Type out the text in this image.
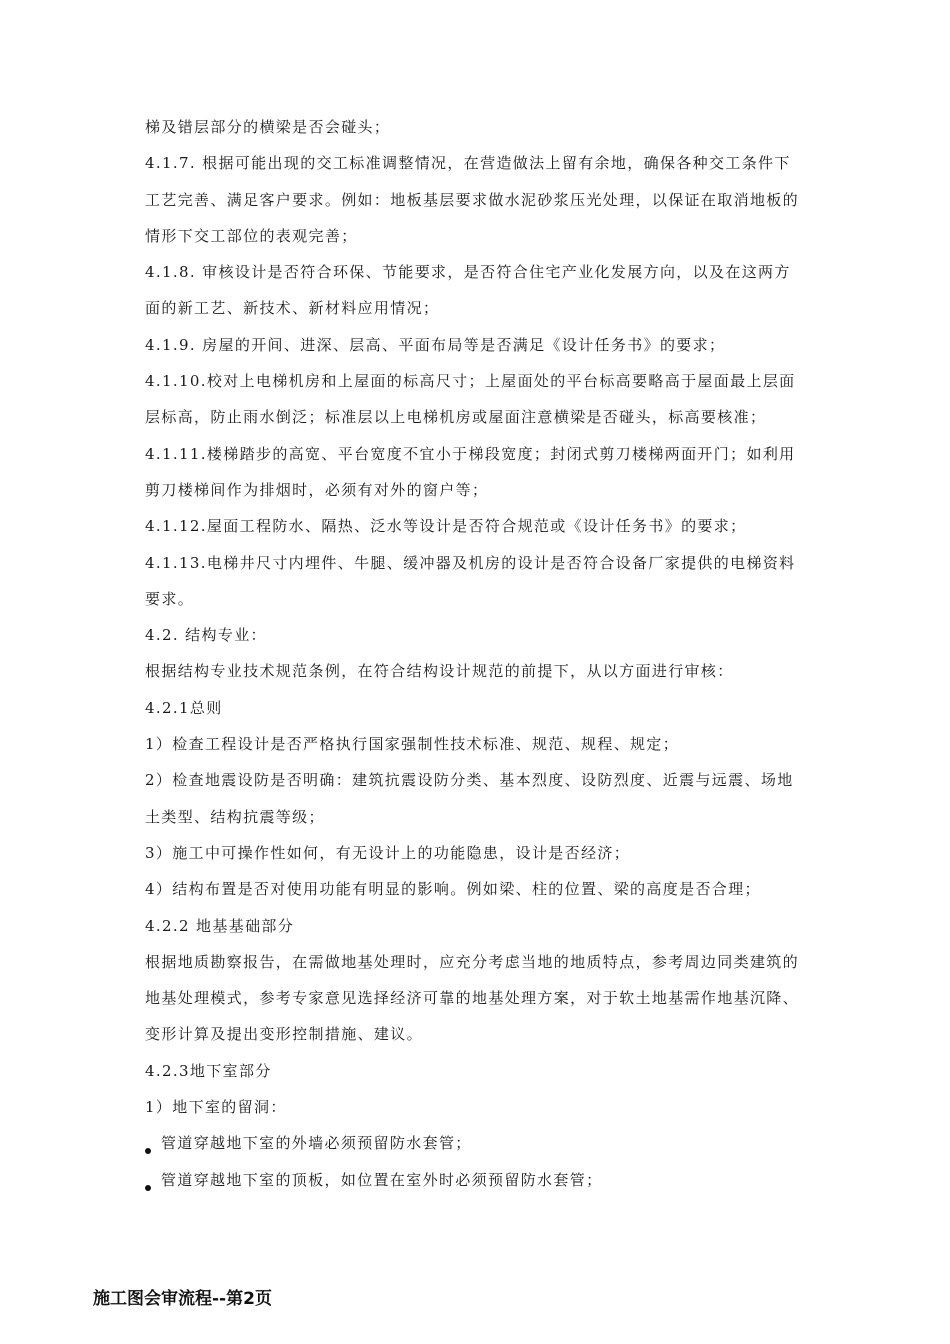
梯及错层部分的横梁是否会碰头；
4.1.7. 根据可能出现的交工标准调整情况，在营造做法上留有余地，确保各种交工条件下
工艺完善、满足客户要求。例如：地板基层要求做水泥砂浆压光处理，以保证在取消地板的
情形下交工部位的表观完善；
4.1.8. 审核设计是否符合环保、节能要求，是否符合住宅产业化发展方向，以及在这两方
面的新工艺、新技术、新材料应用情况；
4.1.9. 房屋的开间、进深、层高、平面布局等是否满足《设计任务书》的要求；
4.1.10.校对上电梯机房和上屋面的标高尺寸；上屋面处的平台标高要略高于屋面最上层面
层标高，防止雨水倒泛；标准层以上电梯机房或屋面注意横梁是否碰头，标高要核准；
4.1.11.楼梯踏步的高宽、平台宽度不宜小于梯段宽度；封闭式剪刀楼梯两面开门；如利用
剪刀楼梯间作为排烟时，必须有对外的窗户等；
4.1.12.屋面工程防水、隔热、泛水等设计是否符合规范或《设计任务书》的要求；
4.1.13.电梯井尺寸内埋件、牛腿、缓冲器及机房的设计是否符合设备厂家提供的电梯资料
要求。
4.2. 结构专业：
根据结构专业技术规范条例，在符合结构设计规范的前提下，从以方面进行审核：
4.2.1总则
1）检查工程设计是否严格执行国家强制性技术标准、规范、规程、规定；
2）检查地震设防是否明确：建筑抗震设防分类、基本烈度、设防烈度、近震与远震、场地
土类型、结构抗震等级；
3）施工中可操作性如何，有无设计上的功能隐患，设计是否经济；
4）结构布置是否对使用功能有明显的影响。例如梁、柱的位置、梁的高度是否合理；
4.2.2 地基基础部分
根据地质勘察报告，在需做地基处理时，应充分考虑当地的地质特点，参考周边同类建筑的
地基处理模式，参考专家意见选择经济可靠的地基处理方案，对于软土地基需作地基沉降、
变形计算及提出变形控制措施、建议。
4.2.3地下室部分
1）地下室的留洞：
管道穿越地下室的外墙必须预留防水套管；
管道穿越地下室的顶板，如位置在室外时必须预留防水套管；
施工图会审流程--第2页
